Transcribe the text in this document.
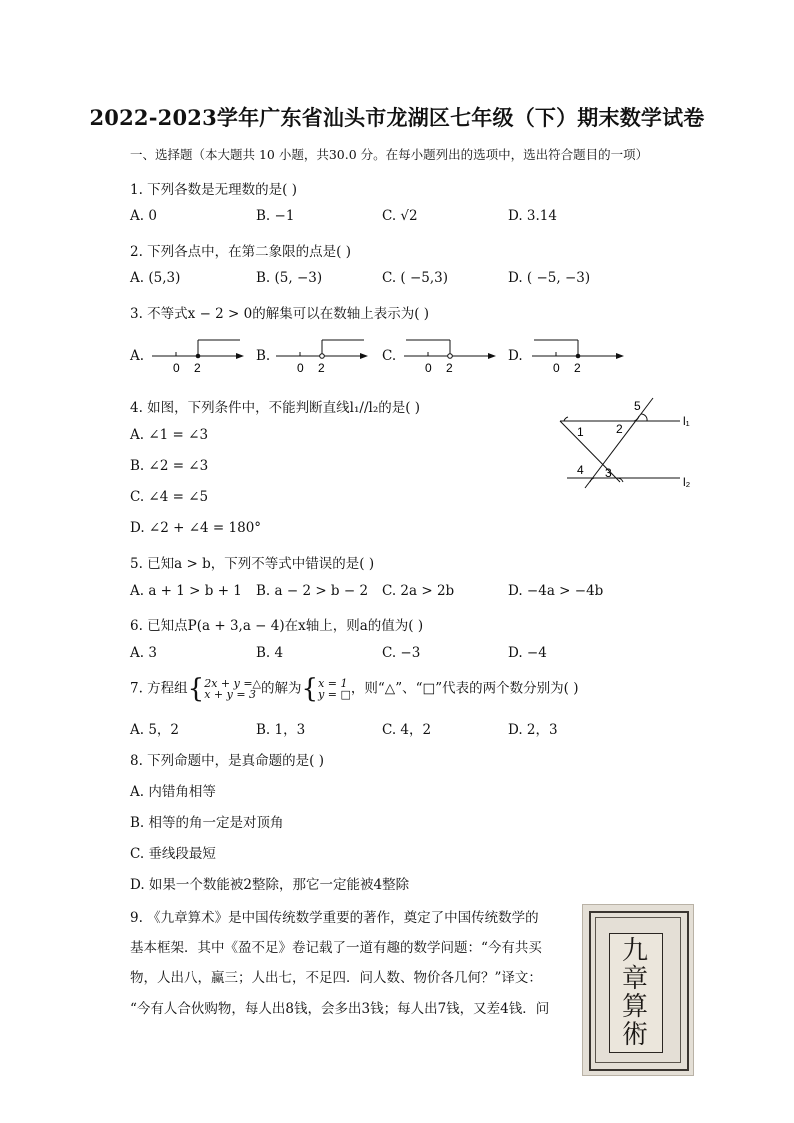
2022-2023学年广东省汕头市龙湖区七年级（下）期末数学试卷
一、选择题（本大题共 10 小题，共30.0 分。在每小题列出的选项中，选出符合题目的一项）
1. 下列各数是无理数的是( )
A. 0	B. −1	C. √2	D. 3.14
2. 下列各点中，在第二象限的点是( )
A. (5,3)	B. (5, −3)	C. ( −5,3)	D. ( −5, −3)
3. 不等式x − 2 > 0的解集可以在数轴上表示为( )
A.	B.	C.	D.
0 2	0 2	0 2	0 2
4. 如图，下列条件中，不能判断直线l₁//l₂的是( )
A. ∠1 = ∠3
B. ∠2 = ∠3
C. ∠4 = ∠5
D. ∠2 + ∠4 = 180°
l₁
l₂
1	2
3
4
5
5. 已知a > b，下列不等式中错误的是( )
A. a + 1 > b + 1 B. a − 2 > b − 2 C. 2a > 2b	D. −4a > −4b
6. 已知点P(a + 3,a − 4)在x轴上，则a的值为( )
A. 3	B. 4	C. −3	D. −4
7. 方程组{2x + y =△
x + y = 3 的解为{x = 1
y = □，则“△”、“□”代表的两个数分别为( )
A. 5，2	B. 1，3	C. 4，2	D. 2，3
8. 下列命题中，是真命题的是( )
A. 内错角相等
B. 相等的角一定是对顶角
C. 垂线段最短
D. 如果一个数能被2整除，那它一定能被4整除
9. 《九章算术》是中国传统数学重要的著作，奠定了中国传统数学的
基本框架．其中《盈不足》卷记载了一道有趣的数学问题：“今有共买
物，人出八，赢三；人出七，不足四．问人数、物价各几何？”译文：
“今有人合伙购物，每人出8钱，会多出3钱；每人出7钱，又差4钱．问
九
章
算
術
